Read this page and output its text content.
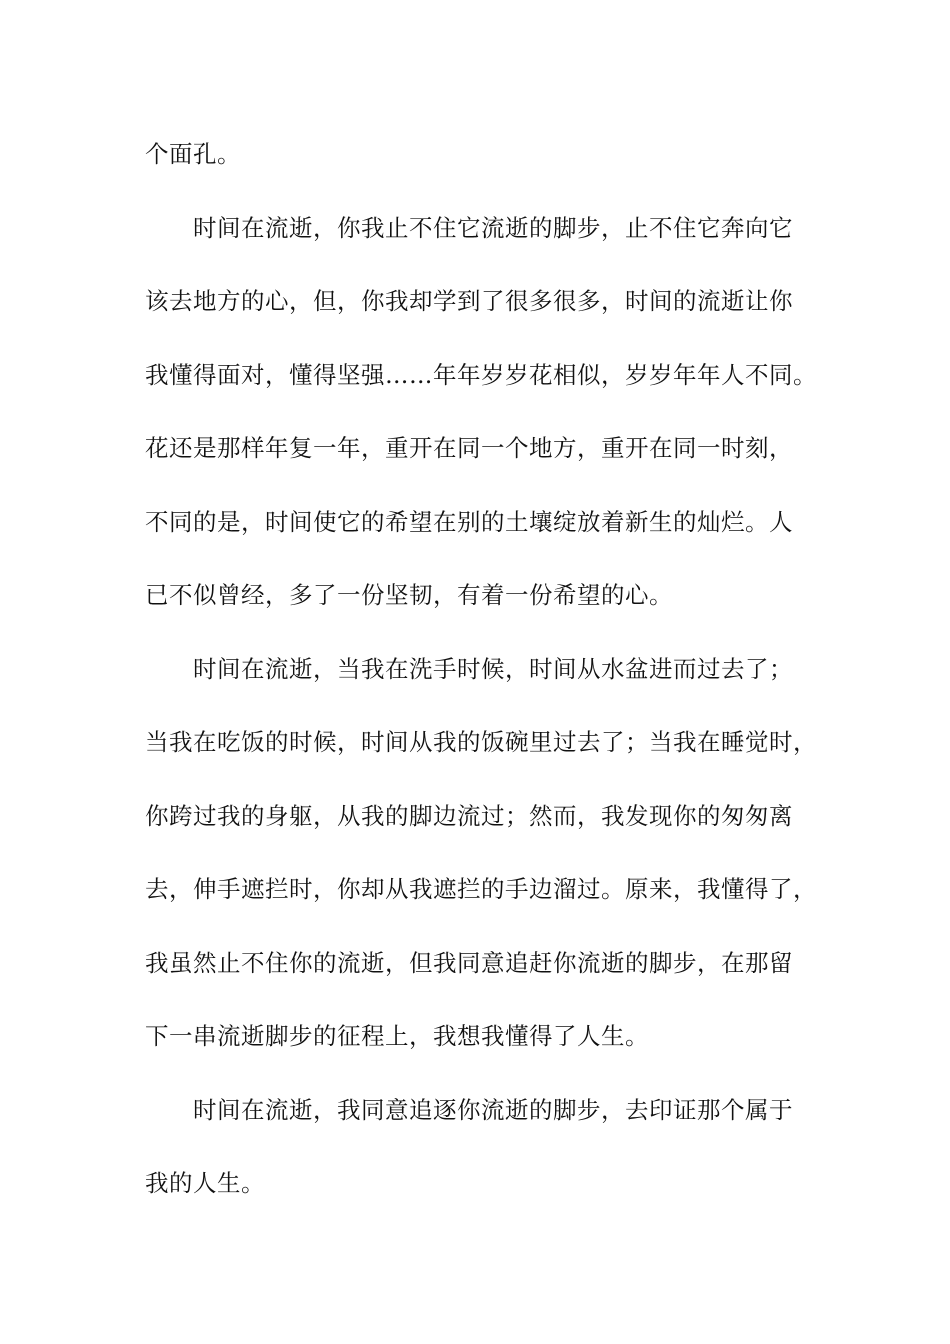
个面孔。

时间在流逝，你我止不住它流逝的脚步，止不住它奔向它

该去地方的心，但，你我却学到了很多很多，时间的流逝让你

我懂得面对，懂得坚强……年年岁岁花相似，岁岁年年人不同。

花还是那样年复一年，重开在同一个地方，重开在同一时刻，

不同的是，时间使它的希望在别的土壤绽放着新生的灿烂。人

已不似曾经，多了一份坚韧，有着一份希望的心。

时间在流逝，当我在洗手时候，时间从水盆进而过去了；

当我在吃饭的时候，时间从我的饭碗里过去了；当我在睡觉时，

你跨过我的身躯，从我的脚边流过；然而，我发现你的匆匆离

去，伸手遮拦时，你却从我遮拦的手边溜过。原来，我懂得了，

我虽然止不住你的流逝，但我同意追赶你流逝的脚步，在那留

下一串流逝脚步的征程上，我想我懂得了人生。

时间在流逝，我同意追逐你流逝的脚步，去印证那个属于

我的人生。
